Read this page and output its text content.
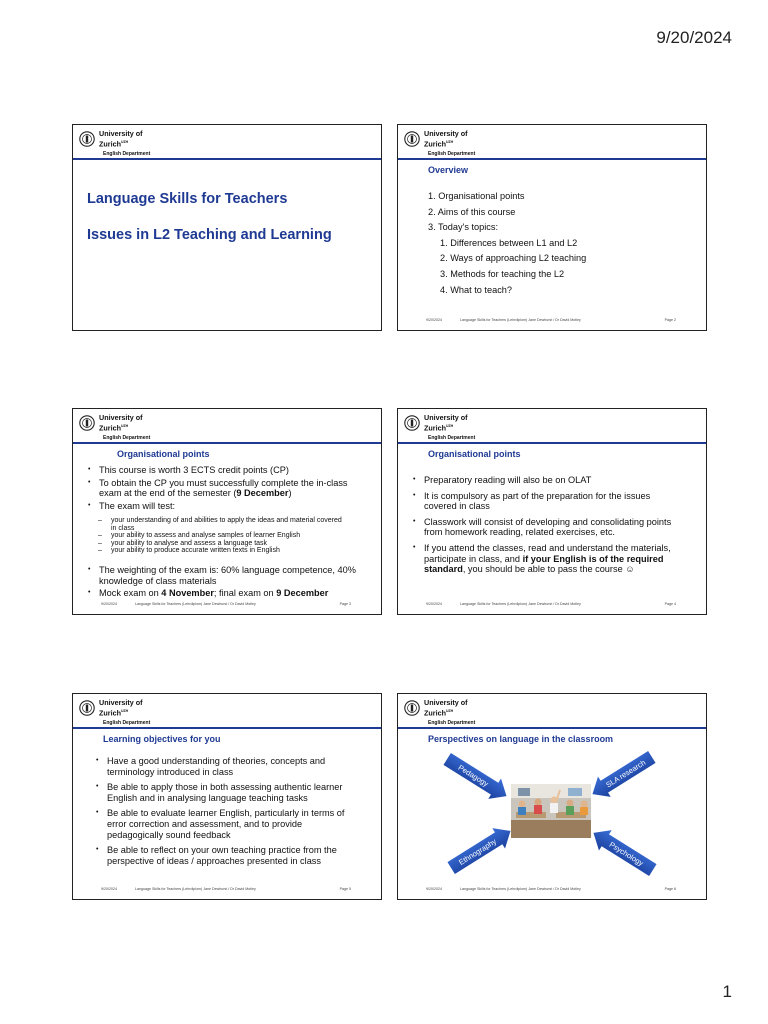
9/20/2024
University of
Zurich$^{UZH}$
English Department
Language Skills for Teachers
Issues in L2 Teaching and Learning
University of
Zurich$^{UZH}$
English Department
Overview
1. Organisational points
2. Aims of this course
3. Today's topics:
1. Differences between L1 and L2
2. Ways of approaching L2 teaching
3. Methods for teaching the L2
4. What to teach?
9/20/2024	Language Skills for Teachers (Lehrdiplom) Jane Dewhurst / Dr David Motley	Page 2
University of
Zurich$^{UZH}$
English Department
Organisational points
• This course is worth 3 ECTS credit points (CP)
• To obtain the CP you must successfully complete the in-class exam at the end of the semester (9 December)
• The exam will test:
– your understanding of and abilities to apply the ideas and material covered in class
– your ability to assess and analyse samples of learner English
– your ability to analyse and assess a language task
– your ability to produce accurate written texts in English
• The weighting of the exam is: 60% language competence, 40% knowledge of class materials
• Mock exam on 4 November; final exam on 9 December
9/20/2024	Language Skills for Teachers (Lehrdiplom) Jane Dewhurst / Dr David Motley	Page 3
University of
Zurich$^{UZH}$
English Department
Organisational points
• Preparatory reading will also be on OLAT
• It is compulsory as part of the preparation for the issues covered in class
• Classwork will consist of developing and consolidating points from homework reading, related exercises, etc.
• If you attend the classes, read and understand the materials, participate in class, and if your English is of the required standard, you should be able to pass the course ☺
9/20/2024	Language Skills for Teachers (Lehrdiplom) Jane Dewhurst / Dr David Motley	Page 4
University of
Zurich$^{UZH}$
English Department
Learning objectives for you
• Have a good understanding of theories, concepts and terminology introduced in class
• Be able to apply those in both assessing authentic learner English and in analysing language teaching tasks
• Be able to evaluate learner English, particularly in terms of error correction and assessment, and to provide pedagogically sound feedback
• Be able to reflect on your own teaching practice from the perspective of ideas / approaches presented in class
9/20/2024	Language Skills for Teachers (Lehrdiplom) Jane Dewhurst / Dr David Motley	Page 5
University of
Zurich$^{UZH}$
English Department
Perspectives on language in the classroom
Pedagogy	SLA research
Ethnography	Psychology
9/20/2024	Language Skills for Teachers (Lehrdiplom) Jane Dewhurst / Dr David Motley	Page 6
1
